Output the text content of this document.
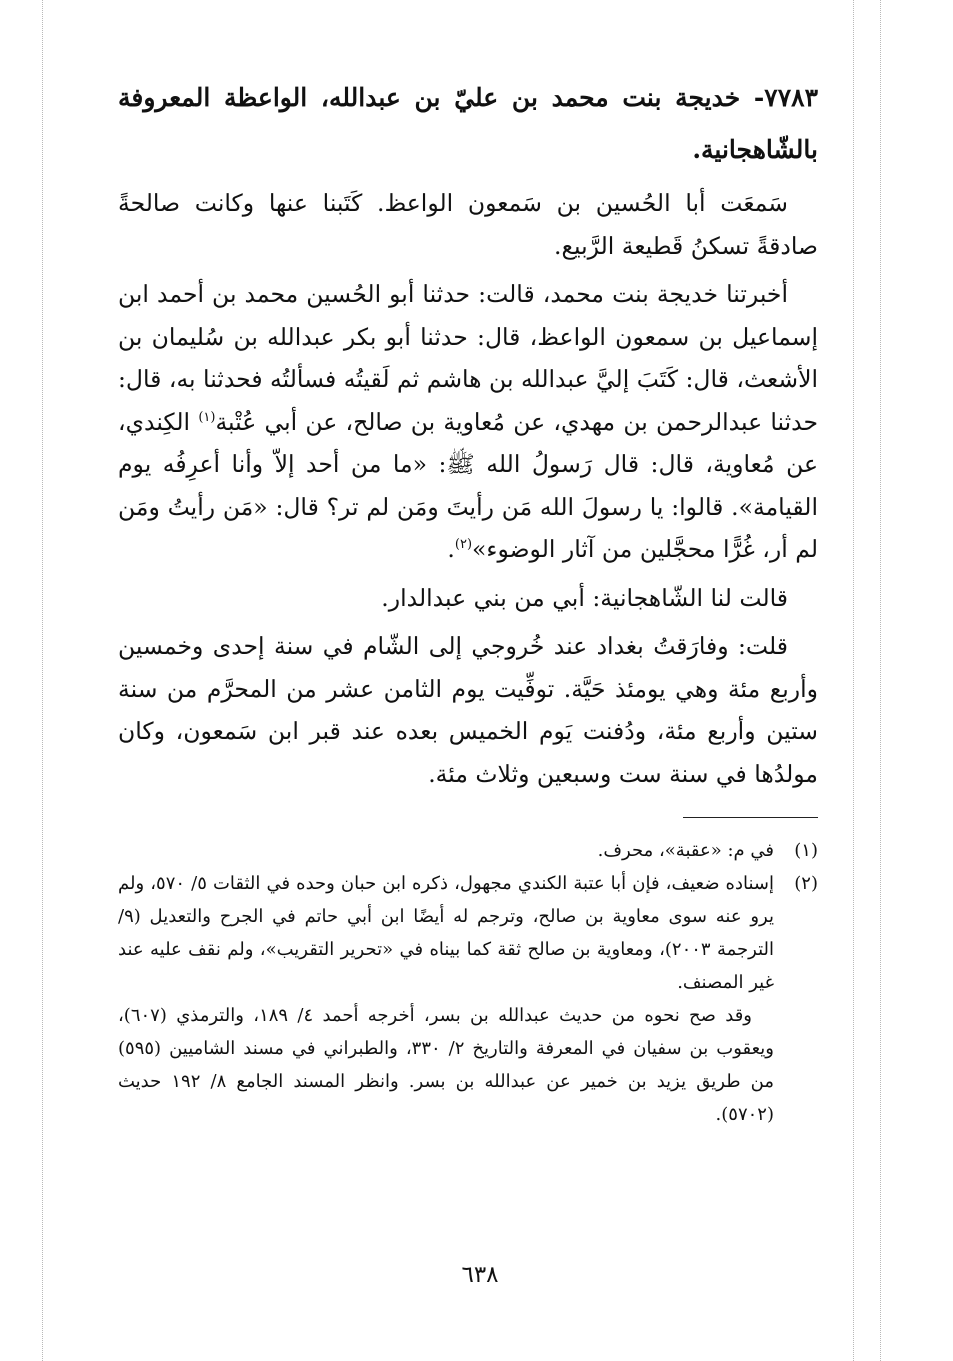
٧٧٨٣- خديجة بنت محمد بن عليّ بن عبدالله، الواعظة المعروفة بالشّاهجانية.

سَمعَت أبا الحُسين بن سَمعون الواعظ. كَتَبنا عنها وكانت صالحةً صادقةً تسكنُ قَطيعة الرَّبيع.

أخبرتنا خديجة بنت محمد، قالت: حدثنا أبو الحُسين محمد بن أحمد ابن إسماعيل بن سمعون الواعظ، قال: حدثنا أبو بكر عبدالله بن سُليمان بن الأشعث، قال: كَتَبَ إليَّ عبدالله بن هاشم ثم لَقيتُه فسألتُه فحدثنا به، قال: حدثنا عبدالرحمن بن مهدي، عن مُعاوية بن صالح، عن أبي عُتْبة$^{(١)}$ الكِندي، عن مُعاوية، قال: قال رَسولُ الله ﷺ: «ما من أحد إلاّ وأنا أعرِفُه يوم القيامة». قالوا: يا رسولَ الله مَن رأيتَ ومَن لم تر؟ قال: «مَن رأيتُ ومَن لم أر، غُرًّا محجَّلين من آثار الوضوء»$^{(٢)}$.

قالت لنا الشّاهجانية: أبي من بني عبدالدار.

قلت: وفارَقتُ بغداد عند خُروجي إلى الشّام في سنة إحدى وخمسين وأربع مئة وهي يومئذ حَيَّة. توفِّيت يوم الثامن عشر من المحرَّم من سنة ستين وأربع مئة، ودُفنت يَوم الخميس بعده عند قبر ابن سَمعون، وكان مولدُها في سنة ست وسبعين وثلاث مئة.

(١)
في م: «عقبة»، محرف.
(٢)
إسناده ضعيف، فإن أبا عتبة الكندي مجهول، ذكره ابن حبان وحده في الثقات ٥/ ٥٧٠، ولم يرو عنه سوى معاوية بن صالح، وترجم له أيضًا ابن أبي حاتم في الجرح والتعديل (٩/ الترجمة ٢٠٠٣)، ومعاوية بن صالح ثقة كما بيناه في «تحرير التقريب»، ولم نقف عليه عند غير المصنف.

وقد صح نحوه من حديث عبدالله بن بسر، أخرجه أحمد ٤/ ١٨٩، والترمذي (٦٠٧)، ويعقوب بن سفيان في المعرفة والتاريخ ٢/ ٣٣٠، والطبراني في مسند الشاميين (٥٩٥) من طريق يزيد بن خمير عن عبدالله بن بسر. وانظر المسند الجامع ٨/ ١٩٢ حديث (٥٧٠٢).

٦٣٨
